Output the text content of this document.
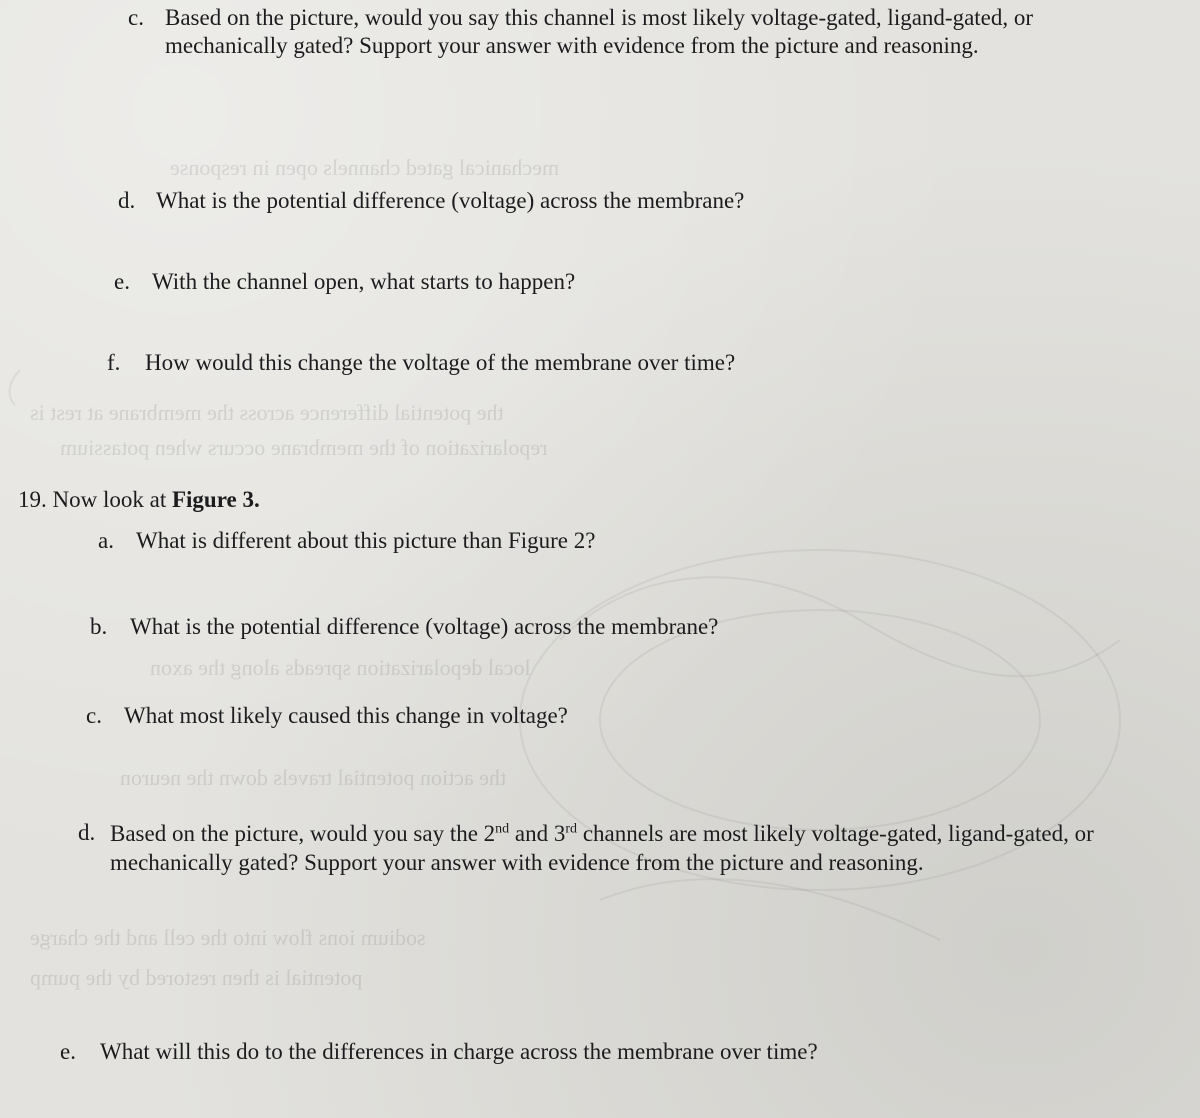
mechanical gated channels open in response
the potential difference across the membrane at rest is
repolarization of the membrane occurs when potassium
local depolarization spreads along the axon
the action potential travels down the neuron
sodium ions flow into the cell and the charge
potential is then restored by the pump
c. Based on the picture, would you say this channel is most likely voltage-gated, ligand-gated, or mechanically gated? Support your answer with evidence from the picture and reasoning.
d. What is the potential difference (voltage) across the membrane?
e. With the channel open, what starts to happen?
f. How would this change the voltage of the membrane over time?
19. Now look at Figure 3.
a. What is different about this picture than Figure 2?
b. What is the potential difference (voltage) across the membrane?
c. What most likely caused this change in voltage?
d. Based on the picture, would you say the 2nd and 3rd channels are most likely voltage-gated, ligand-gated, or mechanically gated? Support your answer with evidence from the picture and reasoning.
e. What will this do to the differences in charge across the membrane over time?
